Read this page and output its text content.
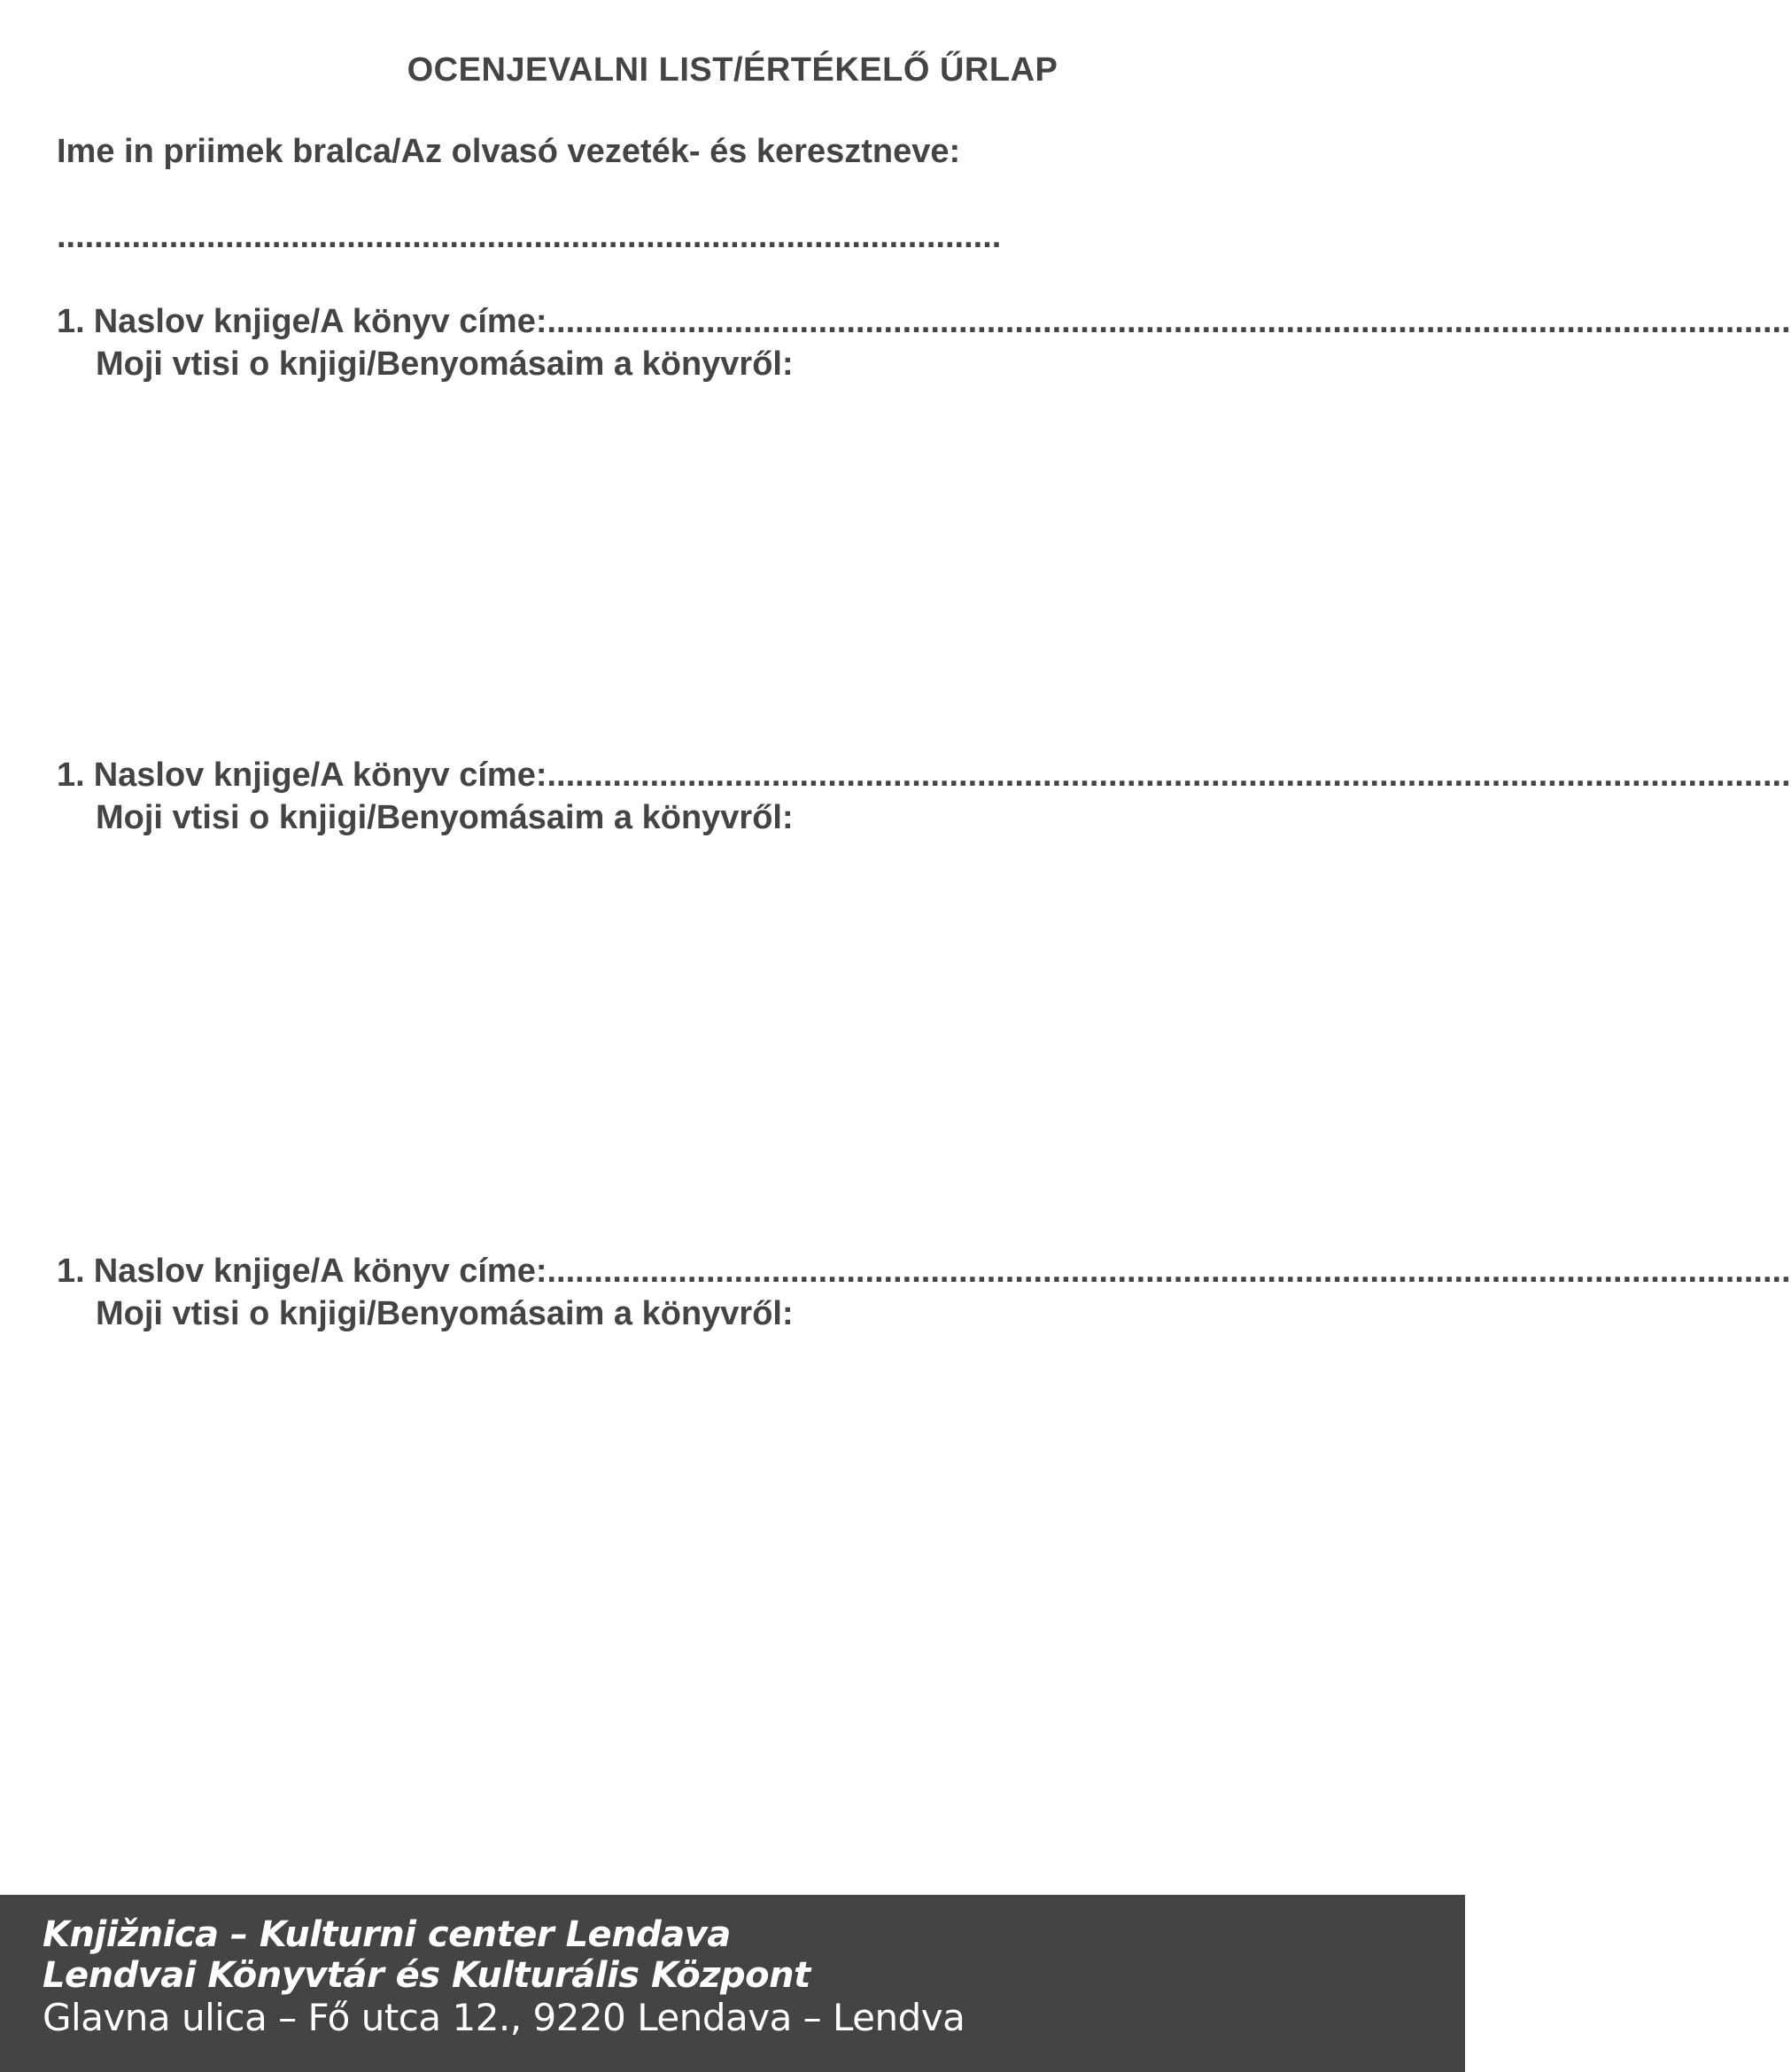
OCENJEVALNI LIST/ÉRTÉKELŐ ŰRLAP
Ime in priimek bralca/Az olvasó vezeték- és keresztneve:
.....................................................................................................
1. Naslov knjige/A könyv címe: .....................................................................................................................................
Moji vtisi o knjigi/Benyomásaim a könyvről:
1. Naslov knjige/A könyv címe: .....................................................................................................................................
Moji vtisi o knjigi/Benyomásaim a könyvről:
1. Naslov knjige/A könyv címe: .....................................................................................................................................
Moji vtisi o knjigi/Benyomásaim a könyvről:
Knjižnica – Kulturni center Lendava
Lendvai Könyvtár és Kulturális Központ
Glavna ulica – Fő utca 12., 9220 Lendava – Lendva
